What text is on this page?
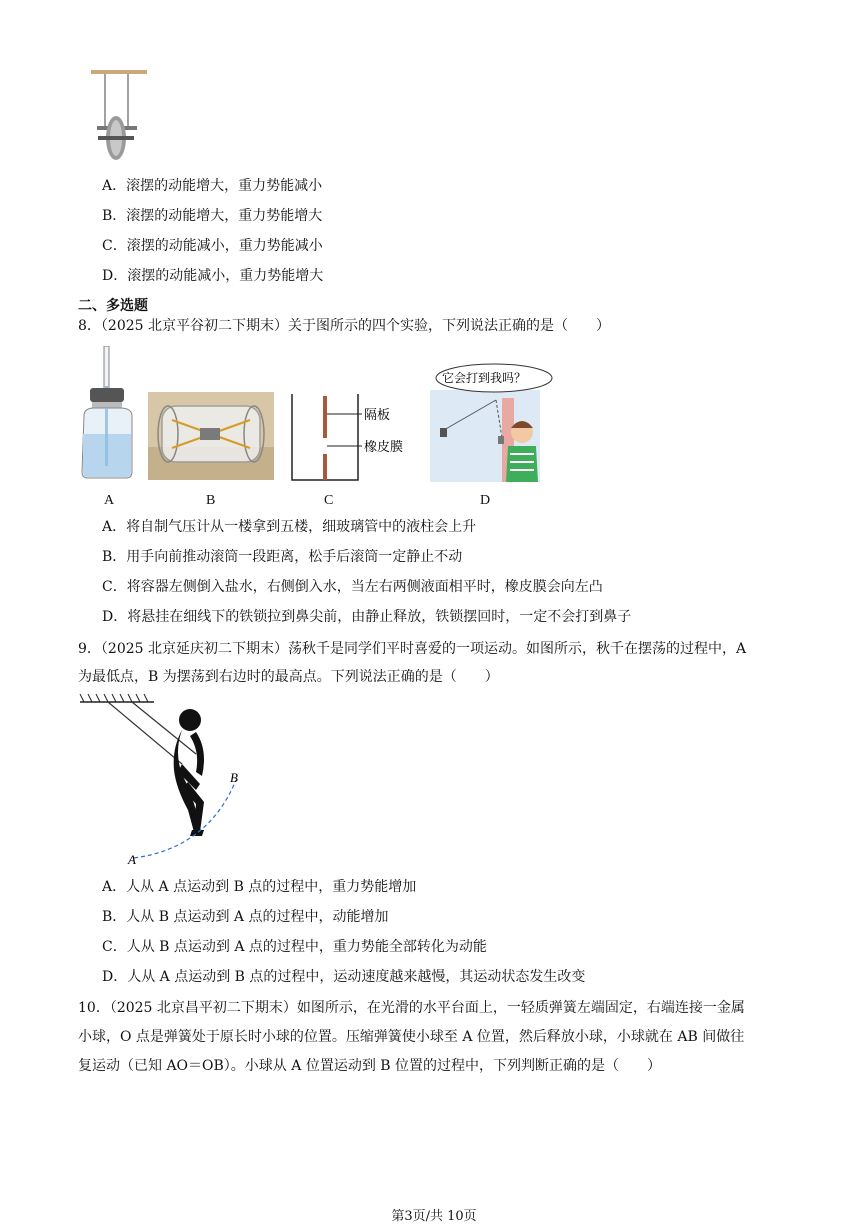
A．滚摆的动能增大，重力势能减小
B．滚摆的动能增大，重力势能增大
C．滚摆的动能减小，重力势能减小
D．滚摆的动能减小，重力势能增大
二、多选题
8．（2025 北京平谷初二下期末）关于图所示的四个实验，下列说法正确的是（　　）
隔板
橡皮膜
它会打到我吗？
A	B	C	D
A．将自制气压计从一楼拿到五楼，细玻璃管中的液柱会上升
B．用手向前推动滚筒一段距离，松手后滚筒一定静止不动
C．将容器左侧倒入盐水，右侧倒入水，当左右两侧液面相平时，橡皮膜会向左凸
D．将悬挂在细线下的铁锁拉到鼻尖前，由静止释放，铁锁摆回时，一定不会打到鼻子
9．（2025 北京延庆初二下期末）荡秋千是同学们平时喜爱的一项运动。如图所示，秋千在摆荡的过程中，A
为最低点，B 为摆荡到右边时的最高点。下列说法正确的是（　　）
A
B
A．人从 A 点运动到 B 点的过程中，重力势能增加
B．人从 B 点运动到 A 点的过程中，动能增加
C．人从 B 点运动到 A 点的过程中，重力势能全部转化为动能
D．人从 A 点运动到 B 点的过程中，运动速度越来越慢，其运动状态发生改变
10．（2025 北京昌平初二下期末）如图所示，在光滑的水平台面上，一轻质弹簧左端固定，右端连接一金属
小球，O 点是弹簧处于原长时小球的位置。压缩弹簧使小球至 A 位置，然后释放小球，小球就在 AB 间做往
复运动（已知 AO＝OB）。小球从 A 位置运动到 B 位置的过程中，下列判断正确的是（　　）
第3页/共 10页
